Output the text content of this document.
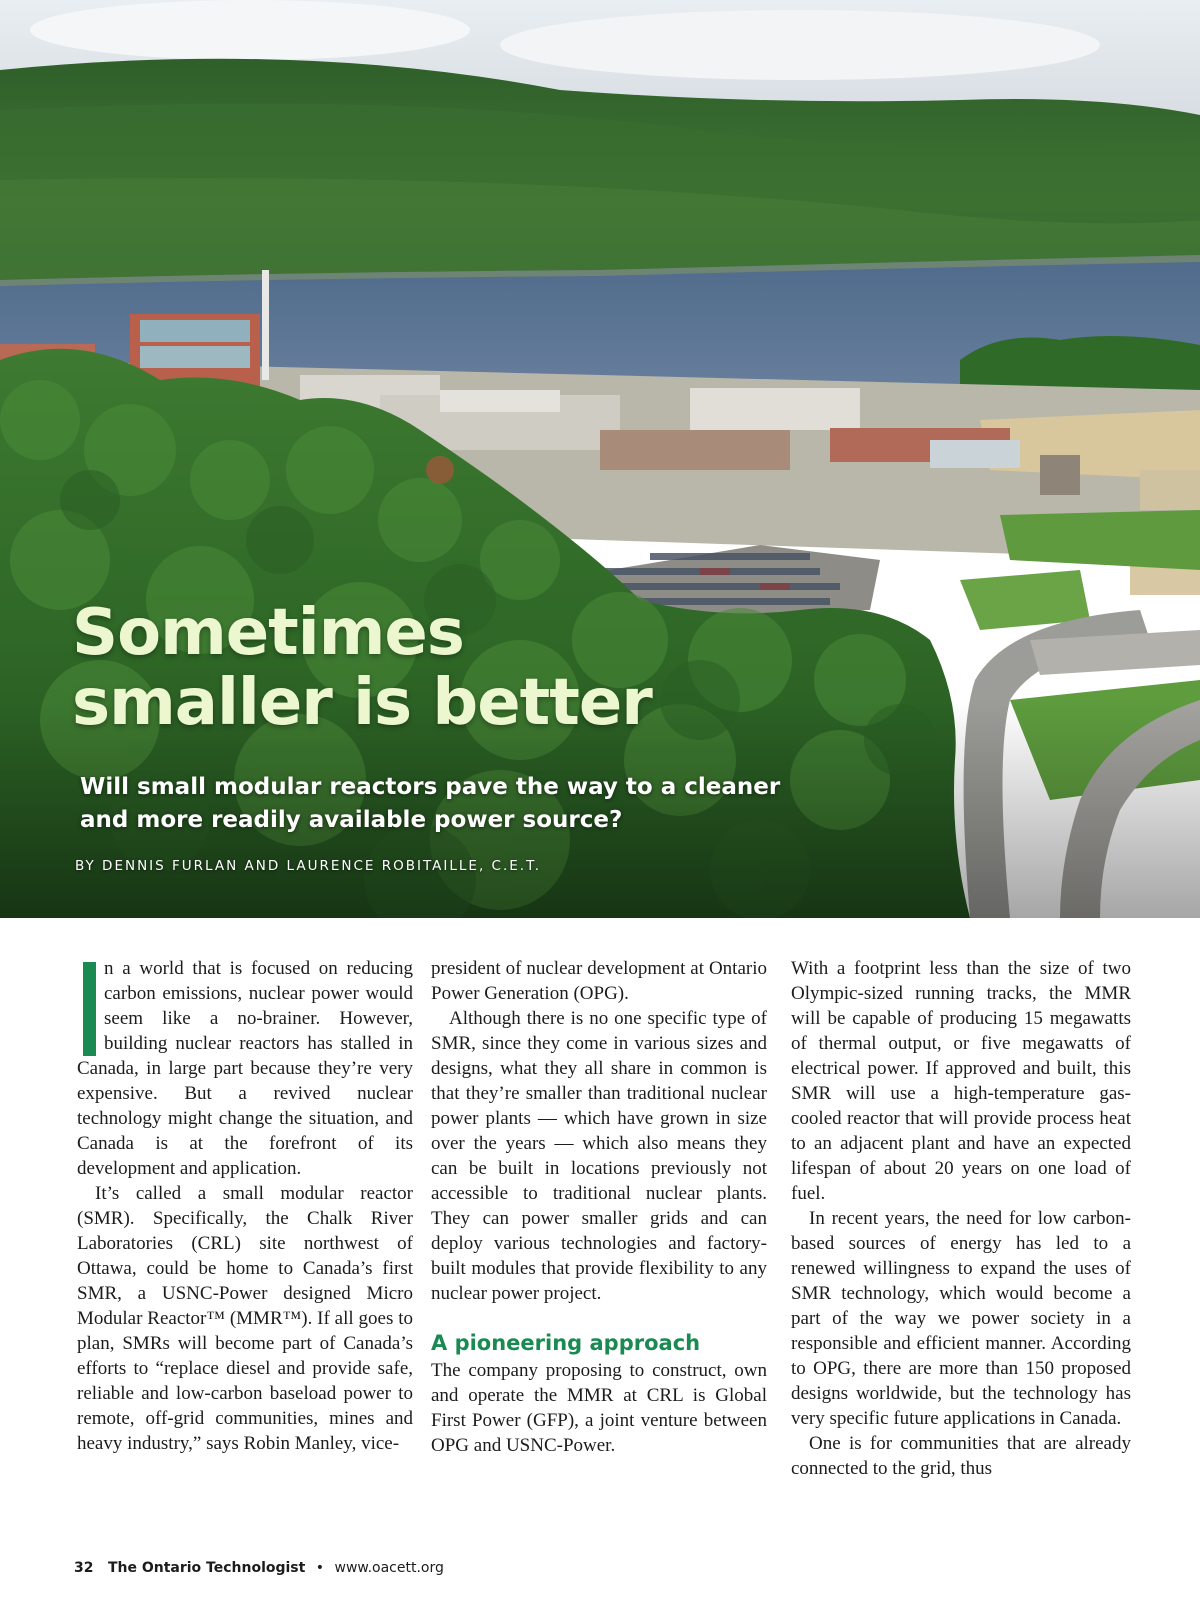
Sometimes
smaller is better

Will small modular reactors pave the way to a cleaner and more readily available power source?

BY DENNIS FURLAN AND LAURENCE ROBITAILLE, C.E.T.

n a world that is focused on reducing carbon emissions, nuclear power would seem like a no-brainer. However, building nuclear reactors has stalled in Canada, in large part because they’re very expensive. But a revived nuclear technology might change the situation, and Canada is at the forefront of its development and application.

It’s called a small modular reactor (SMR). Specifically, the Chalk River Laboratories (CRL) site northwest of Ottawa, could be home to Canada’s first SMR, a USNC-Power designed Micro Modular Reactor™ (MMR™). If all goes to plan, SMRs will become part of Canada’s efforts to “replace diesel and provide safe, reliable and low-carbon baseload power to remote, off-grid communities, mines and heavy industry,” says Robin Manley, vice-

president of nuclear development at Ontario Power Generation (OPG).

Although there is no one specific type of SMR, since they come in various sizes and designs, what they all share in common is that they’re smaller than traditional nuclear power plants — which have grown in size over the years — which also means they can be built in locations previously not accessible to traditional nuclear plants. They can power smaller grids and can deploy various technologies and factory-built modules that provide flexibility to any nuclear power project.

A pioneering approach

The company proposing to construct, own and operate the MMR at CRL is Global First Power (GFP), a joint venture between OPG and USNC-Power.

With a footprint less than the size of two Olympic-sized running tracks, the MMR will be capable of producing 15 megawatts of thermal output, or five megawatts of electrical power. If approved and built, this SMR will use a high-temperature gas-cooled reactor that will provide process heat to an adjacent plant and have an expected lifespan of about 20 years on one load of fuel.

In recent years, the need for low carbon-based sources of energy has led to a renewed willingness to expand the uses of SMR technology, which would become a part of the way we power society in a responsible and efficient manner. According to OPG, there are more than 150 proposed designs worldwide, but the technology has very specific future applications in Canada.

One is for communities that are already connected to the grid, thus

32 The Ontario Technologist • www.oacett.org
